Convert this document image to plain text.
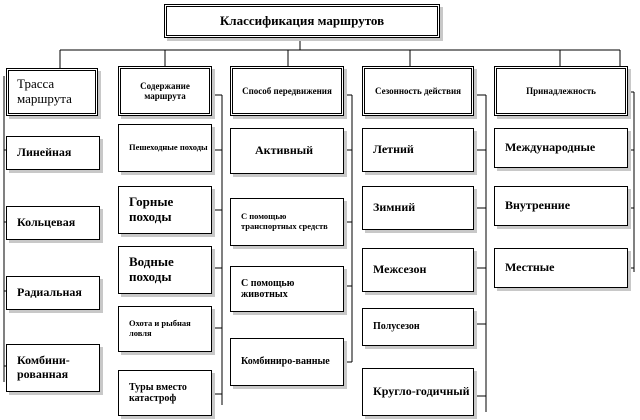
Классификация маршрутов
Трасса маршрута
Содержание маршрута
Способ передвижения	Сезонность действия	Принадлежность
Линейная
Кольцевая
Радиальная
Комбини-рованная
Пешеходные походы
Горные походы
Водные походы
Охота и рыбная ловля
Туры вместо катастроф
Активный
С помощью транспортных средств
С помощью животных
Комбиниро-ванные
Летний
Зимний
Межсезон
Полусезон
Кругло-годичный
Международные
Внутренние
Местные
